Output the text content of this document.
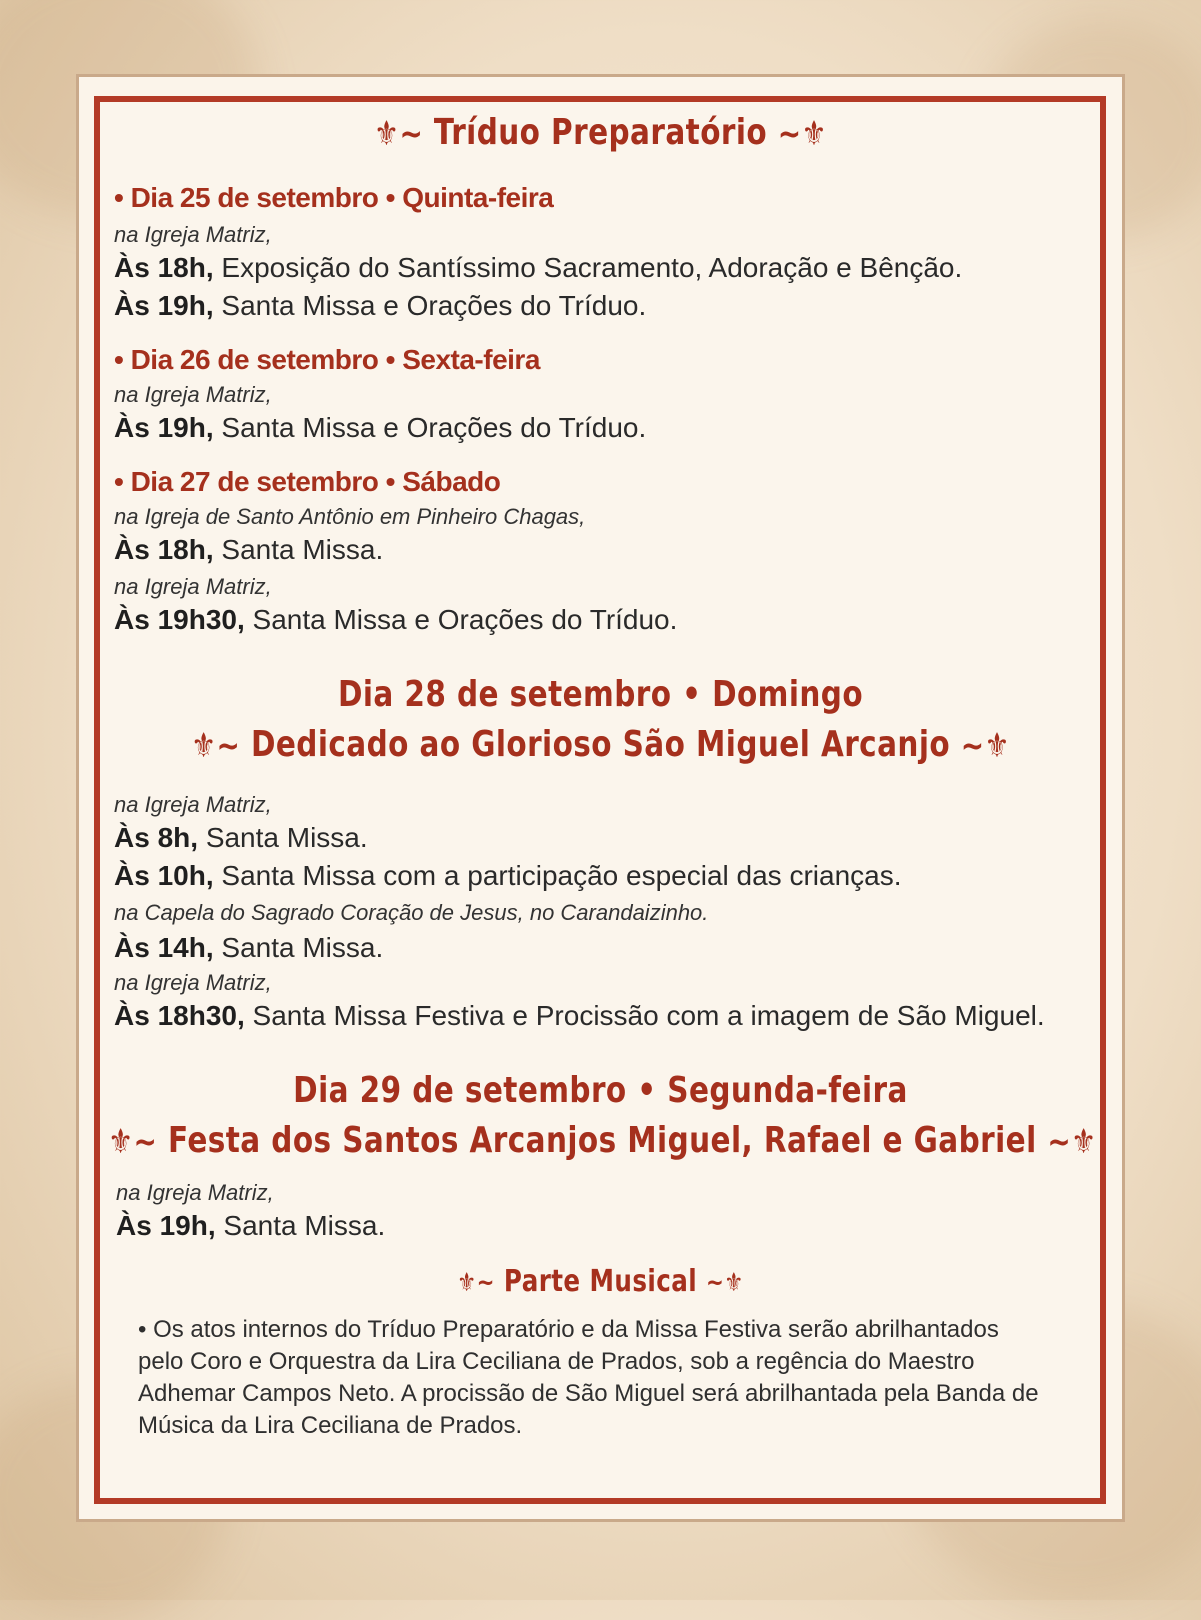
⚜~ Tríduo Preparatório ~⚜
• Dia 25 de setembro • Quinta-feira
na Igreja Matriz,
Às 18h, Exposição do Santíssimo Sacramento, Adoração e Bênção.
Às 19h, Santa Missa e Orações do Tríduo.
• Dia 26 de setembro • Sexta-feira
na Igreja Matriz,
Às 19h, Santa Missa e Orações do Tríduo.
• Dia 27 de setembro • Sábado
na Igreja de Santo Antônio em Pinheiro Chagas,
Às 18h, Santa Missa.
na Igreja Matriz,
Às 19h30, Santa Missa e Orações do Tríduo.
Dia 28 de setembro • Domingo
⚜~ Dedicado ao Glorioso São Miguel Arcanjo ~⚜
na Igreja Matriz,
Às 8h, Santa Missa.
Às 10h, Santa Missa com a participação especial das crianças.
na Capela do Sagrado Coração de Jesus, no Carandaizinho.
Às 14h, Santa Missa.
na Igreja Matriz,
Às 18h30, Santa Missa Festiva e Procissão com a imagem de São Miguel.
Dia 29 de setembro • Segunda-feira
⚜~ Festa dos Santos Arcanjos Miguel, Rafael e Gabriel ~⚜
na Igreja Matriz,
Às 19h, Santa Missa.
⚜~ Parte Musical ~⚜
• Os atos internos do Tríduo Preparatório e da Missa Festiva serão abrilhantados pelo Coro e Orquestra da Lira Ceciliana de Prados, sob a regência do Maestro Adhemar Campos Neto. A procissão de São Miguel será abrilhantada pela Banda de Música da Lira Ceciliana de Prados.
